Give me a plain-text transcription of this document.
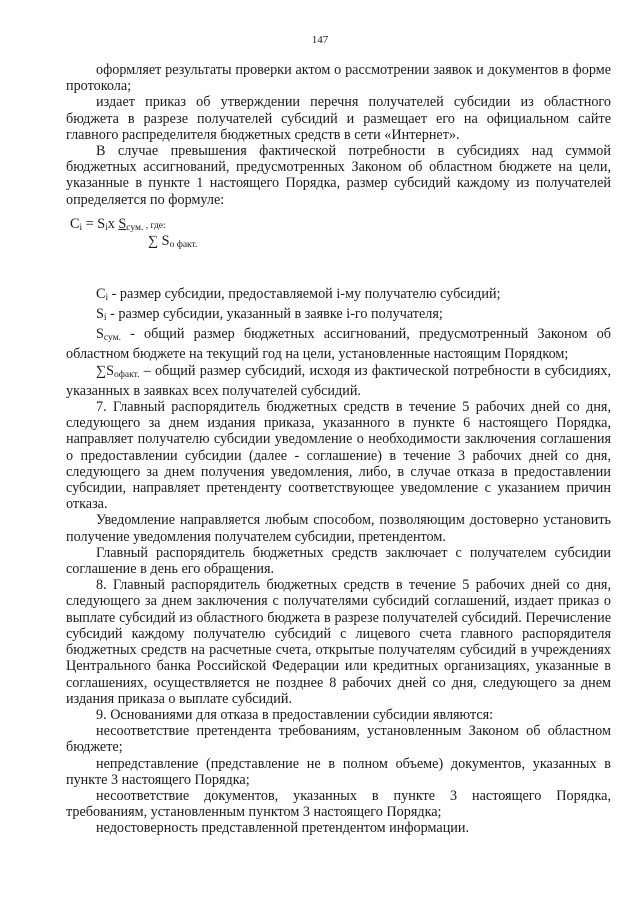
147

оформляет результаты проверки актом о рассмотрении заявок и документов в форме протокола;

издает приказ об утверждении перечня получателей субсидии из областного бюджета в разрезе получателей субсидий и размещает его на официальном сайте главного распределителя бюджетных средств в сети «Интернет».

В случае превышения фактической потребности в субсидиях над суммой бюджетных ассигнований, предусмотренных Законом об областном бюджете на цели, указанные в пункте 1 настоящего Порядка, размер субсидий каждому из получателей определяется по формуле:

$C_i = S_ix$ $S_{сум.}$ , где:
∑ $S_{о факт.}$

$C_i$ - размер субсидии, предоставляемой i-му получателю субсидий;

$S_i$ - размер субсидии, указанный в заявке i-го получателя;

$S_{сум.}$ - общий размер бюджетных ассигнований, предусмотренный Законом об областном бюджете на текущий год на цели, установленные настоящим Порядком;

$\sum S_{офакт.}$ – общий размер субсидий, исходя из фактической потребности в субсидиях, указанных в заявках всех получателей субсидий.

7. Главный распорядитель бюджетных средств в течение 5 рабочих дней со дня, следующего за днем издания приказа, указанного в пункте 6 настоящего Порядка, направляет получателю субсидии уведомление о необходимости заключения соглашения о предоставлении субсидии (далее - соглашение) в течение 3 рабочих дней со дня, следующего за днем получения уведомления, либо, в случае отказа в предоставлении субсидии, направляет претенденту соответствующее уведомление с указанием причин отказа.

Уведомление направляется любым способом, позволяющим достоверно установить получение уведомления получателем субсидии, претендентом.

Главный распорядитель бюджетных средств заключает с получателем субсидии соглашение в день его обращения.

8. Главный распорядитель бюджетных средств в течение 5 рабочих дней со дня, следующего за днем заключения с получателями субсидий соглашений, издает приказ о выплате субсидий из областного бюджета в разрезе получателей субсидий. Перечисление субсидий каждому получателю субсидий с лицевого счета главного распорядителя бюджетных средств на расчетные счета, открытые получателям субсидий в учреждениях Центрального банка Российской Федерации или кредитных организациях, указанные в соглашениях, осуществляется не позднее 8 рабочих дней со дня, следующего за днем издания приказа о выплате субсидий.

9. Основаниями для отказа в предоставлении субсидии являются:

несоответствие претендента требованиям, установленным Законом об областном бюджете;

непредставление (представление не в полном объеме) документов, указанных в пункте 3 настоящего Порядка;

несоответствие документов, указанных в пункте 3 настоящего Порядка, требованиям, установленным пунктом 3 настоящего Порядка;

недостоверность представленной претендентом информации.
